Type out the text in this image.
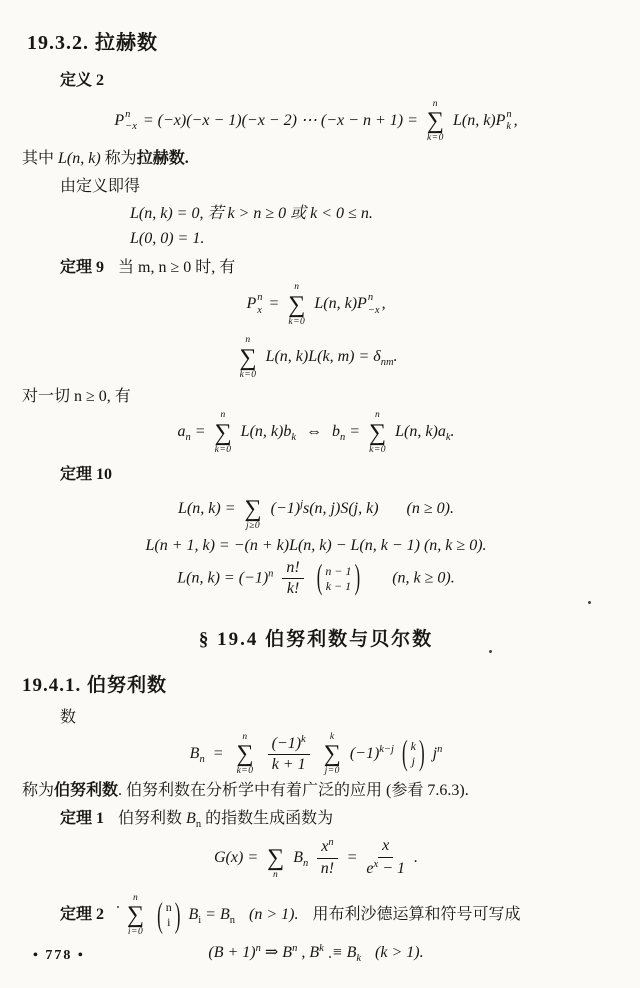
19.3.2. 拉赫数
定义 2
P n
−x = (−x)(−x − 1)(−x − 2) ⋯ (−x − n + 1) =
n
∑
k=0
L(n, k)P n
k ,
其中 L(n, k) 称为拉赫数.
由定义即得
L(n, k) = 0, 若 k > n ≥ 0 或 k < 0 ≤ n.
L(0, 0) = 1.
定理 9 当 m, n ≥ 0 时, 有
P n
x =
n
∑
k=0
L(n, k)P n
−x ,
n
∑
k=0
L(n, k)L(k, $m) = \delta_{nm}$.
对一切 n ≥ 0, 有
$a_n$ =
n
∑
k=0
L(n, $k)b_k$ ⇔ $b_n$ =
n
∑
k=0
L(n, $k)a_k$.
定理 10
L(n, k) = ∑
j≥0
$(-1)^js(n$, j)S(j, k) (n ≥ 0).
L(n + 1, k) = −(n + k)L(n, k) − L(n, k − 1) (n, k ≥ 0).
L(n, $k) = (-1)^n \frac{n!}{k!}$
( n − 1
k − 1 ) (n, k ≥ 0).
§ 19.4 伯努利数与贝尔数
19.4.1. 伯努利数
数
$B_n$ =
n
∑
k=0
$\frac{(-1)^k}{k + 1}$
k
∑
j=0
$(-1)^{k-j}$ ( k
j ) $j^n$
称为伯努利数. 伯努利数在分析学中有着广泛的应用 (参看 7.6.3).
定理 1 伯努利数 $B_n$ 的指数生成函数为
G(x) = ∑
n
$B_n \frac{x^n}{n!} = \frac{x}{e^x - 1}$ .
定理 2
n
∑
i=0
( n
i ) $B_i = B_n$ (n > 1). 用布利沙德运算和符号可写成
$(B + 1)^n$ ⇒ $B^n$ , $B^k \equiv B_k$ (k > 1).
• 778 •
